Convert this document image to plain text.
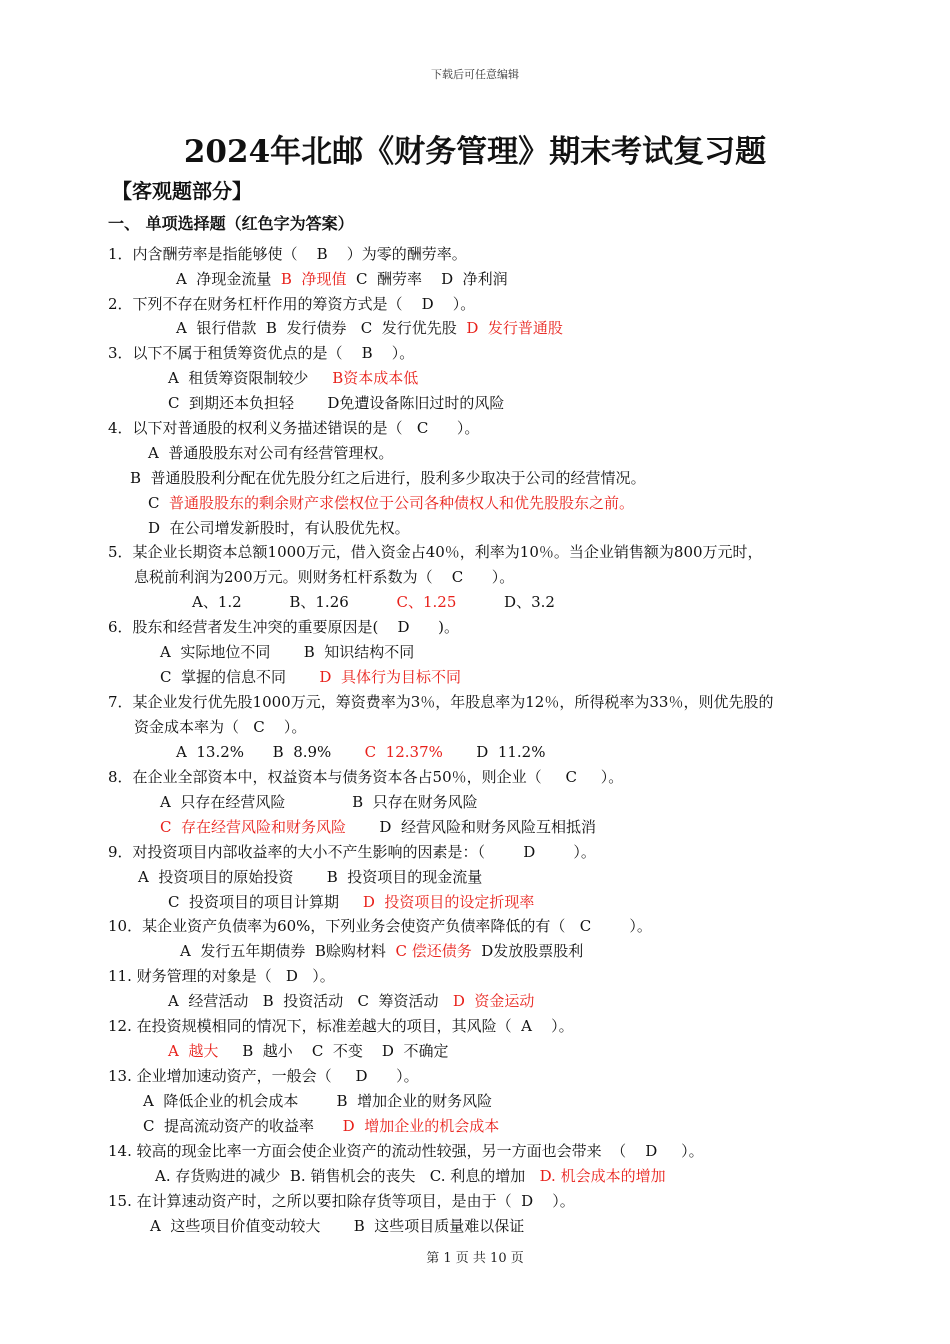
下载后可任意编辑
2024年北邮《财务管理》期末考试复习题
【客观题部分】
一、 单项选择题（红色字为答案）
1．内含酬劳率是指能够使（    B    ）为零的酬劳率。
A  净现金流量  B  净现值  C  酬劳率    D  净利润
2．下列不存在财务杠杆作用的筹资方式是（    D    ）。
A  银行借款  B  发行债券   C  发行优先股  D  发行普通股
3．以下不属于租赁筹资优点的是（    B    ）。
A  租赁筹资限制较少     B资本成本低
C  到期还本负担轻       D免遭设备陈旧过时的风险
4．以下对普通股的权利义务描述错误的是（   C      ）。
A  普通股股东对公司有经营管理权。
B  普通股股利分配在优先股分红之后进行，股利多少取决于公司的经营情况。
C  普通股股东的剩余财产求偿权位于公司各种债权人和优先股股东之前。
D  在公司增发新股时，有认股优先权。
5．某企业长期资本总额1000万元，借入资金占40％，利率为10％。当企业销售额为800万元时，
息税前利润为200万元。则财务杠杆系数为（    C      ）。
A、1.2          B、1.26          C、1.25          D、3.2
6．股东和经营者发生冲突的重要原因是(    D      )。
A  实际地位不同       B  知识结构不同
C  掌握的信息不同       D  具体行为目标不同
7．某企业发行优先股1000万元，筹资费率为3％，年股息率为12％，所得税率为33％，则优先股的
资金成本率为（   C    ）。
A  13.2%      B  8.9%       C  12.37%       D  11.2%
8．在企业全部资本中，权益资本与债务资本各占50％，则企业（     C     ）。
A  只存在经营风险              B  只存在财务风险
C  存在经营风险和财务风险       D  经营风险和财务风险互相抵消
9．对投资项目内部收益率的大小不产生影响的因素是：（        D        ）。
A  投资项目的原始投资       B  投资项目的现金流量
C  投资项目的项目计算期     D  投资项目的设定折现率
10．某企业资产负债率为60%，下列业务会使资产负债率降低的有（   C        ）。
A  发行五年期债券  B赊购材料  C 偿还债务  D发放股票股利
11. 财务管理的对象是（   D   ）。
A  经营活动   B  投资活动   C  筹资活动   D  资金运动
12. 在投资规模相同的情况下，标准差越大的项目，其风险（  A    ）。
A  越大     B  越小    C  不变    D  不确定
13. 企业增加速动资产，一般会（     D      ）。
A  降低企业的机会成本        B  增加企业的财务风险
C  提高流动资产的收益率      D  增加企业的机会成本
14. 较高的现金比率一方面会使企业资产的流动性较强，另一方面也会带来  （    D     ）。
A. 存货购进的减少  B. 销售机会的丧失   C. 利息的增加   D. 机会成本的增加
15. 在计算速动资产时，之所以要扣除存货等项目，是由于（  D    ）。
A  这些项目价值变动较大       B  这些项目质量难以保证
第 1 页 共 10 页
